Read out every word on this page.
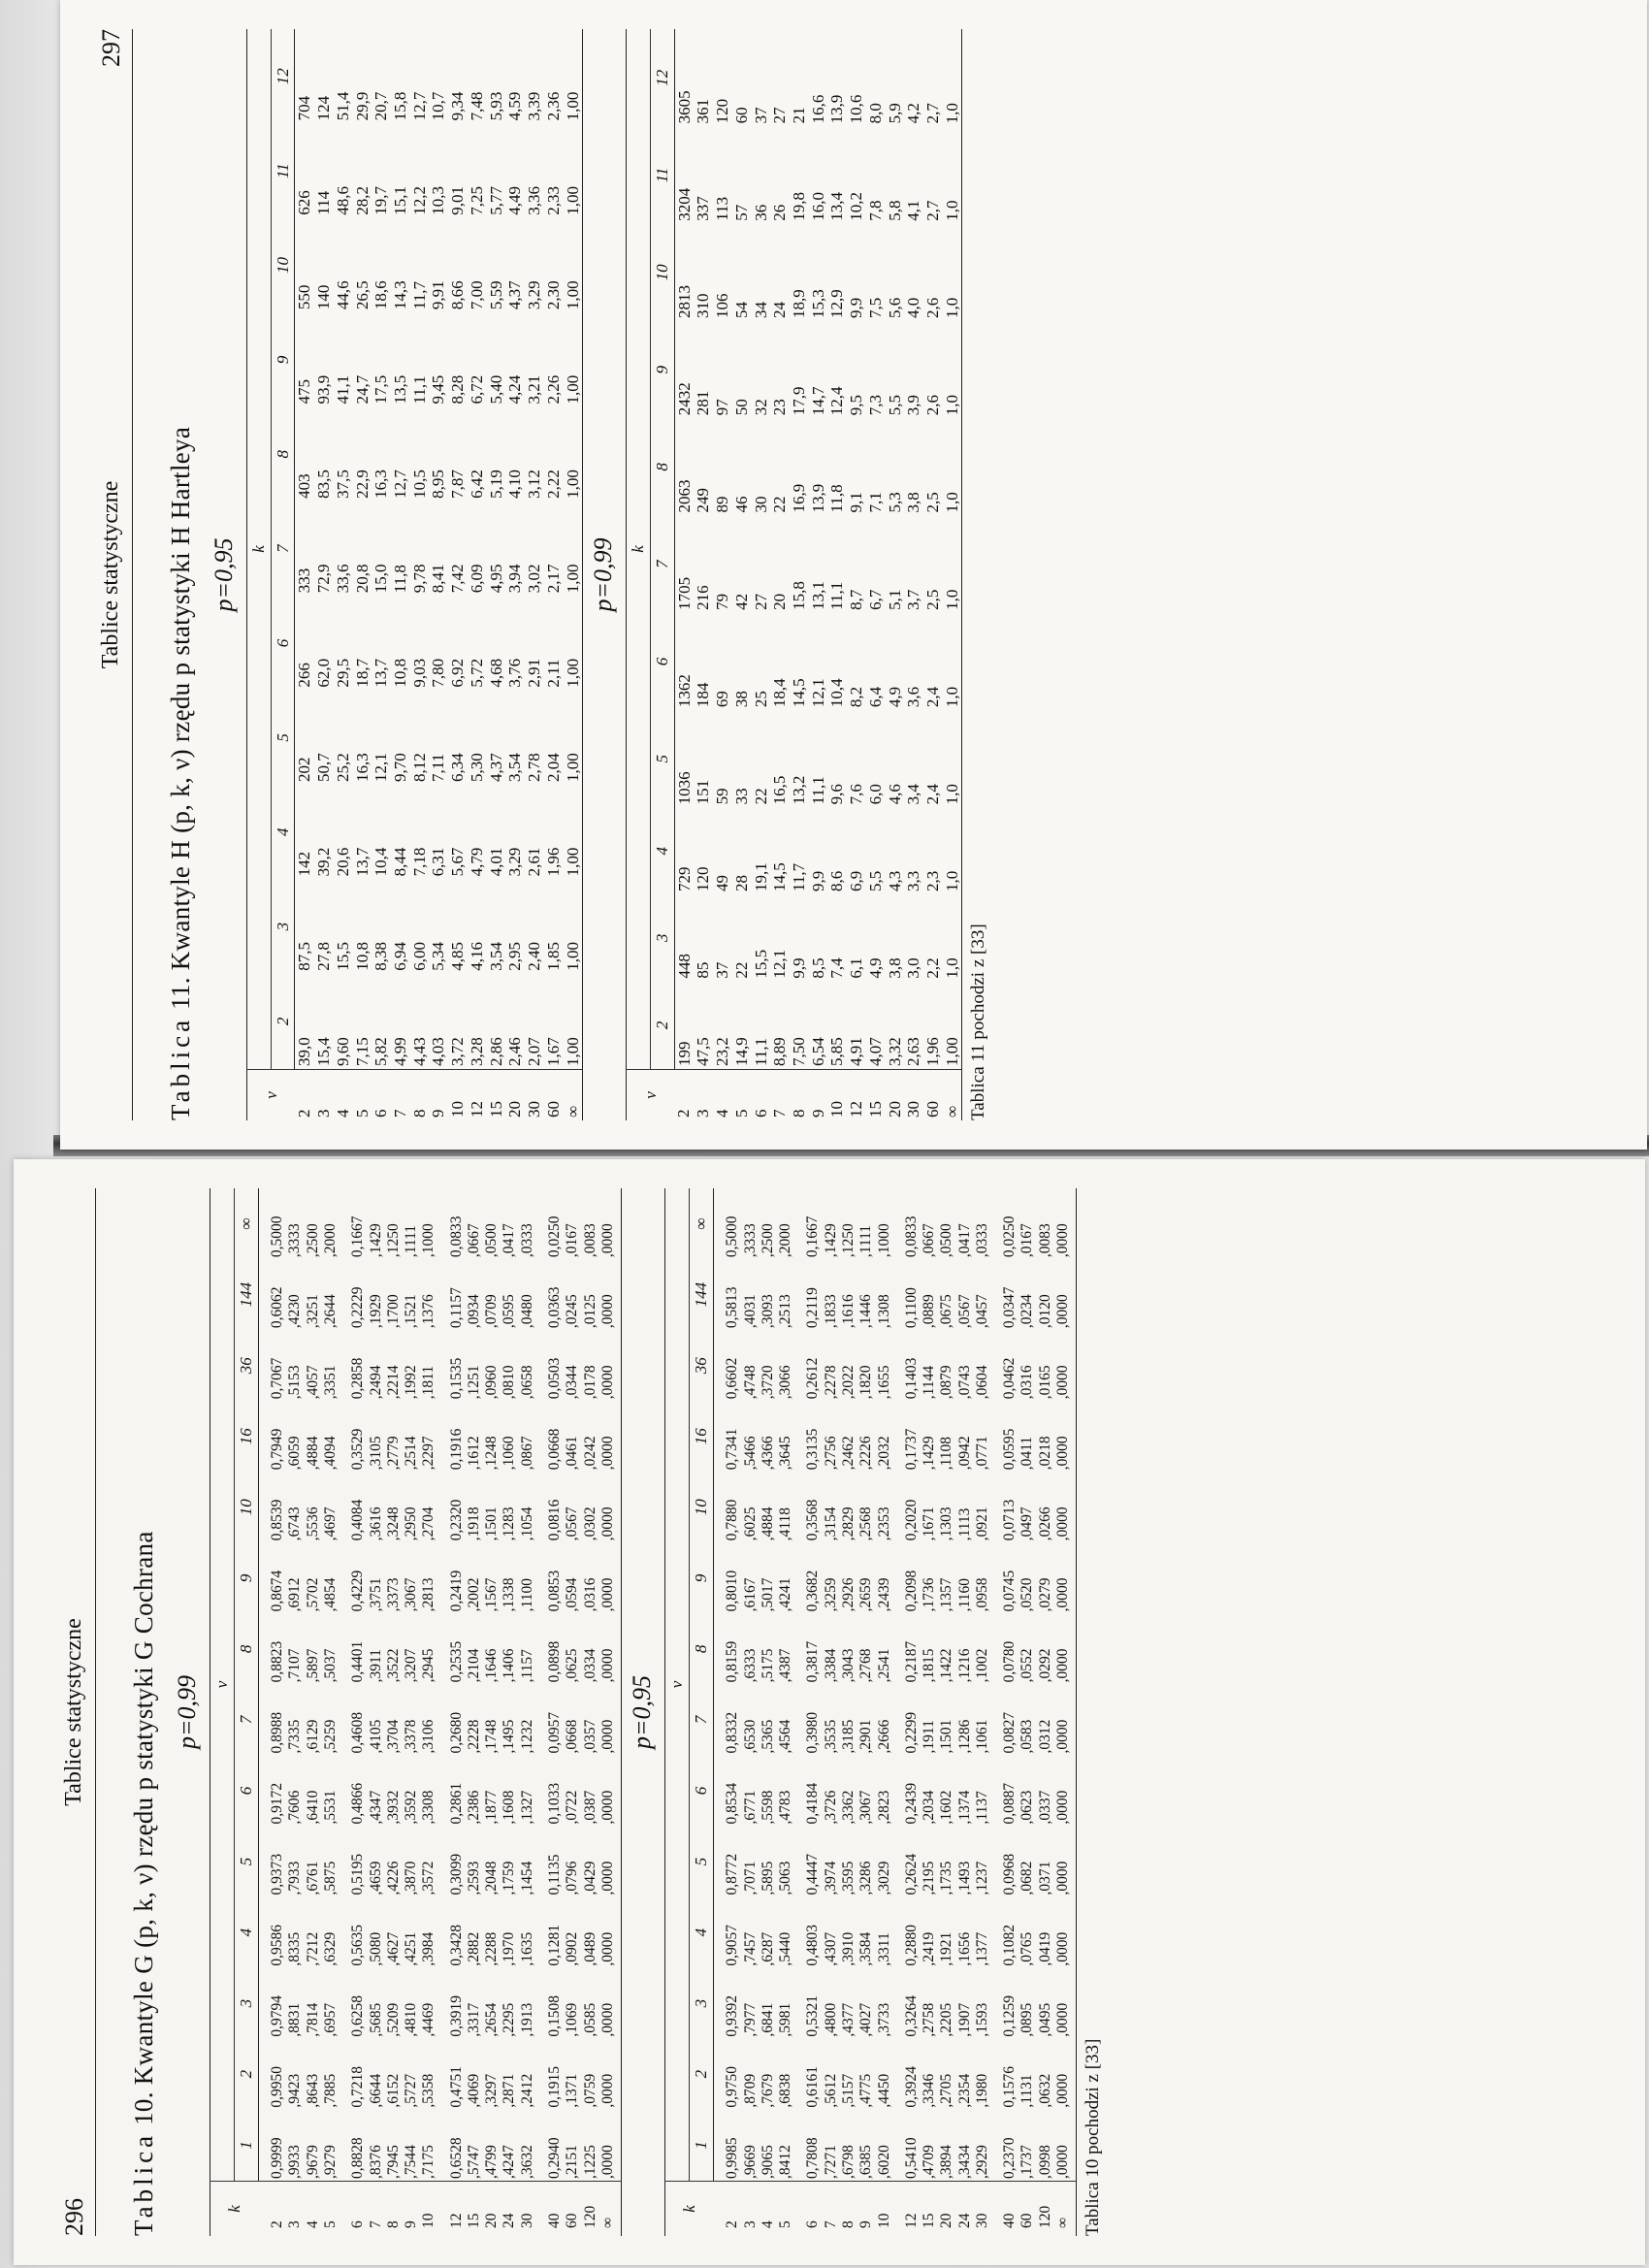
296
Tablice statystyczne
Tablica 10. Kwantyle G (p, k, ν) rzędu p statystyki G Cochrana p=0,99
k	ν													
	1	2	3	4	5	6	7	8	9	10	16	36	144	∞
2	0,9999	0,9950	0,9794	0,9586	0,9373	0,9172	0,8988	0,8823	0,8674	0,8539	0,7949	0,7067	0,6062	0,5000
3	,9933	,9423	,8831	,8335	,7933	,7606	,7335	,7107	,6912	,6743	,6059	,5153	,4230	,3333
4	,9679	,8643	,7814	,7212	,6761	,6410	,6129	,5897	,5702	,5536	,4884	,4057	,3251	,2500
5	,9279	,7885	,6957	,6329	,5875	,5531	,5259	,5037	,4854	,4697	,4094	,3351	,2644	,2000
6	0,8828	0,7218	0,6258	0,5635	0,5195	0,4866	0,4608	0,4401	0,4229	0,4084	0,3529	0,2858	0,2229	0,1667
7	,8376	,6644	,5685	,5080	,4659	,4347	,4105	,3911	,3751	,3616	,3105	,2494	,1929	,1429
8	,7945	,6152	,5209	,4627	,4226	,3932	,3704	,3522	,3373	,3248	,2779	,2214	,1700	,1250
9	,7544	,5727	,4810	,4251	,3870	,3592	,3378	,3207	,3067	,2950	,2514	,1992	,1521	,1111
10	,7175	,5358	,4469	,3984	,3572	,3308	,3106	,2945	,2813	,2704	,2297	,1811	,1376	,1000
12	0,6528	0,4751	0,3919	0,3428	0,3099	0,2861	0,2680	0,2535	0,2419	0,2320	0,1916	0,1535	0,1157	0,0833
15	,5747	,4069	,3317	,2882	,2593	,2386	,2228	,2104	,2002	,1918	,1612	,1251	,0934	,0667
20	,4799	,3297	,2654	,2288	,2048	,1877	,1748	,1646	,1567	,1501	,1248	,0960	,0709	,0500
24	,4247	,2871	,2295	,1970	,1759	,1608	,1495	,1406	,1338	,1283	,1060	,0810	,0595	,0417
30	,3632	,2412	,1913	,1635	,1454	,1327	,1232	,1157	,1100	,1054	,0867	,0658	,0480	,0333
40	0,2940	0,1915	0,1508	0,1281	0,1135	0,1033	0,0957	0,0898	0,0853	0,0816	0,0668	0,0503	0,0363	0,0250
60	,2151	,1371	,1069	,0902	,0796	,0722	,0668	,0625	,0594	,0567	,0461	,0344	,0245	,0167
120	,1225	,0759	,0585	,0489	,0429	,0387	,0357	,0334	,0316	,0302	,0242	,0178	,0125	,0083
∞	,0000	,0000	,0000	,0000	,0000	,0000	,0000	,0000	,0000	,0000	,0000	,0000	,0000	,0000
p=0,95
k	ν													
	1	2	3	4	5	6	7	8	9	10	16	36	144	∞
2	0,9985	0,9750	0,9392	0,9057	0,8772	0,8534	0,8332	0,8159	0,8010	0,7880	0,7341	0,6602	0,5813	0,5000
3	,9669	,8709	,7977	,7457	,7071	,6771	,6530	,6333	,6167	,6025	,5466	,4748	,4031	,3333
4	,9065	,7679	,6841	,6287	,5895	,5598	,5365	,5175	,5017	,4884	,4366	,3720	,3093	,2500
5	,8412	,6838	,5981	,5440	,5063	,4783	,4564	,4387	,4241	,4118	,3645	,3066	,2513	,2000
6	0,7808	0,6161	0,5321	0,4803	0,4447	0,4184	0,3980	0,3817	0,3682	0,3568	0,3135	0,2612	0,2119	0,1667
7	,7271	,5612	,4800	,4307	,3974	,3726	,3535	,3384	,3259	,3154	,2756	,2278	,1833	,1429
8	,6798	,5157	,4377	,3910	,3595	,3362	,3185	,3043	,2926	,2829	,2462	,2022	,1616	,1250
9	,6385	,4775	,4027	,3584	,3286	,3067	,2901	,2768	,2659	,2568	,2226	,1820	,1446	,1111
10	,6020	,4450	,3733	,3311	,3029	,2823	,2666	,2541	,2439	,2353	,2032	,1655	,1308	,1000
12	0,5410	0,3924	0,3264	0,2880	0,2624	0,2439	0,2299	0,2187	0,2098	0,2020	0,1737	0,1403	0,1100	0,0833
15	,4709	,3346	,2758	,2419	,2195	,2034	,1911	,1815	,1736	,1671	,1429	,1144	,0889	,0667
20	,3894	,2705	,2205	,1921	,1735	,1602	,1501	,1422	,1357	,1303	,1108	,0879	,0675	,0500
24	,3434	,2354	,1907	,1656	,1493	,1374	,1286	,1216	,1160	,1113	,0942	,0743	,0567	,0417
30	,2929	,1980	,1593	,1377	,1237	,1137	,1061	,1002	,0958	,0921	,0771	,0604	,0457	,0333
40	0,2370	0,1576	0,1259	0,1082	0,0968	0,0887	0,0827	0,0780	0,0745	0,0713	0,0595	0,0462	0,0347	0,0250
60	,1737	,1131	,0895	,0765	,0682	,0623	,0583	,0552	,0520	,0497	,0411	,0316	,0234	,0167
120	,0998	,0632	,0495	,0419	,0371	,0337	,0312	,0292	,0279	,0266	,0218	,0165	,0120	,0083
∞	,0000	,0000	,0000	,0000	,0000	,0000	,0000	,0000	,0000	,0000	,0000	,0000	,0000	,0000
Tablica 10 pochodzi z [33]
Tablice statystyczne
297
Tablica 11. Kwantyle H (p, k, ν) rzędu p statystyki H Hartleya p=0,95
ν	k										
	2	3	4	5	6	7	8	9	10	11	12
2	39,0	87,5	142	202	266	333	403	475	550	626	704
3	15,4	27,8	39,2	50,7	62,0	72,9	83,5	93,9	140	114	124
4	9,60	15,5	20,6	25,2	29,5	33,6	37,5	41,1	44,6	48,6	51,4
5	7,15	10,8	13,7	16,3	18,7	20,8	22,9	24,7	26,5	28,2	29,9
6	5,82	8,38	10,4	12,1	13,7	15,0	16,3	17,5	18,6	19,7	20,7
7	4,99	6,94	8,44	9,70	10,8	11,8	12,7	13,5	14,3	15,1	15,8
8	4,43	6,00	7,18	8,12	9,03	9,78	10,5	11,1	11,7	12,2	12,7
9	4,03	5,34	6,31	7,11	7,80	8,41	8,95	9,45	9,91	10,3	10,7
10	3,72	4,85	5,67	6,34	6,92	7,42	7,87	8,28	8,66	9,01	9,34
12	3,28	4,16	4,79	5,30	5,72	6,09	6,42	6,72	7,00	7,25	7,48
15	2,86	3,54	4,01	4,37	4,68	4,95	5,19	5,40	5,59	5,77	5,93
20	2,46	2,95	3,29	3,54	3,76	3,94	4,10	4,24	4,37	4,49	4,59
30	2,07	2,40	2,61	2,78	2,91	3,02	3,12	3,21	3,29	3,36	3,39
60	1,67	1,85	1,96	2,04	2,11	2,17	2,22	2,26	2,30	2,33	2,36
∞	1,00	1,00	1,00	1,00	1,00	1,00	1,00	1,00	1,00	1,00	1,00
p=0,99
ν	k										
	2	3	4	5	6	7	8	9	10	11	12
2	199	448	729	1036	1362	1705	2063	2432	2813	3204	3605
3	47,5	85	120	151	184	216	249	281	310	337	361
4	23,2	37	49	59	69	79	89	97	106	113	120
5	14,9	22	28	33	38	42	46	50	54	57	60
6	11,1	15,5	19,1	22	25	27	30	32	34	36	37
7	8,89	12,1	14,5	16,5	18,4	20	22	23	24	26	27
8	7,50	9,9	11,7	13,2	14,5	15,8	16,9	17,9	18,9	19,8	21
9	6,54	8,5	9,9	11,1	12,1	13,1	13,9	14,7	15,3	16,0	16,6
10	5,85	7,4	8,6	9,6	10,4	11,1	11,8	12,4	12,9	13,4	13,9
12	4,91	6,1	6,9	7,6	8,2	8,7	9,1	9,5	9,9	10,2	10,6
15	4,07	4,9	5,5	6,0	6,4	6,7	7,1	7,3	7,5	7,8	8,0
20	3,32	3,8	4,3	4,6	4,9	5,1	5,3	5,5	5,6	5,8	5,9
30	2,63	3,0	3,3	3,4	3,6	3,7	3,8	3,9	4,0	4,1	4,2
60	1,96	2,2	2,3	2,4	2,4	2,5	2,5	2,6	2,6	2,7	2,7
∞	1,00	1,0	1,0	1,0	1,0	1,0	1,0	1,0	1,0	1,0	1,0
Tablica 11 pochodzi z [33]
